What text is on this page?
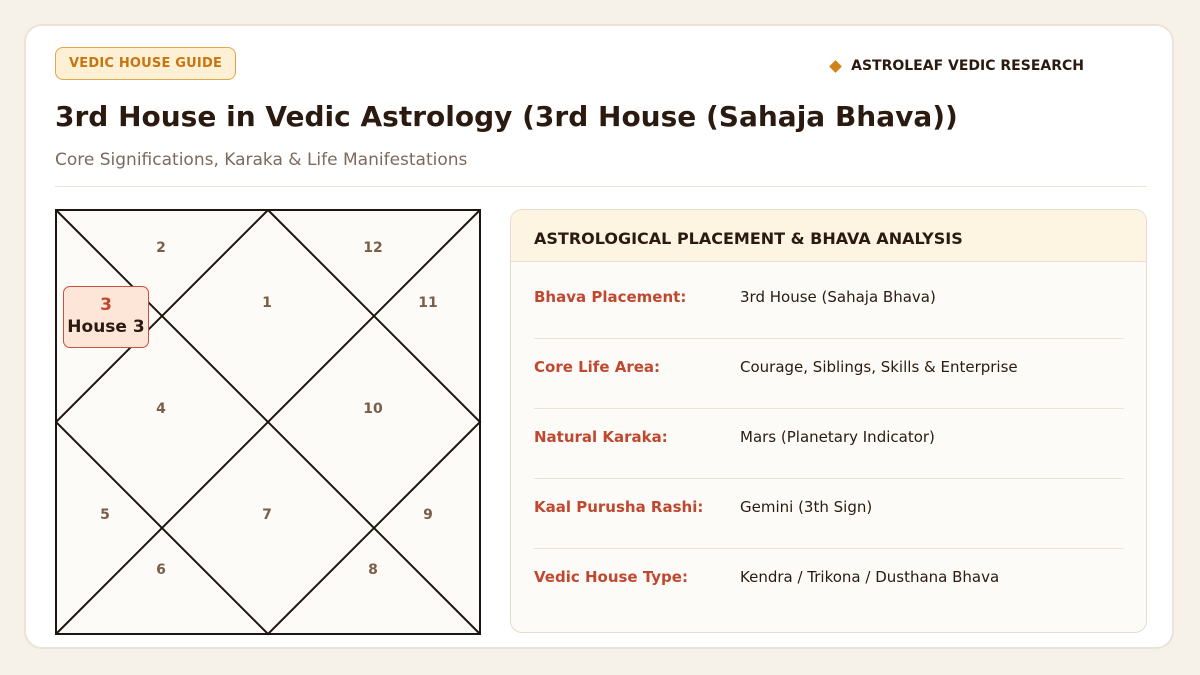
VEDIC HOUSE GUIDE	ASTROLEAF VEDIC RESEARCH
3rd House in Vedic Astrology (3rd House (Sahaja Bhava))
Core Significations, Karaka & Life Manifestations
2	12
1	11
4	10
5	7	9
6	8
3
House 3
ASTROLOGICAL PLACEMENT & BHAVA ANALYSIS
Bhava Placement:	3rd House (Sahaja Bhava)
Core Life Area:	Courage, Siblings, Skills & Enterprise
Natural Karaka:	Mars (Planetary Indicator)
Kaal Purusha Rashi: Gemini (3th Sign)
Vedic House Type:	Kendra / Trikona / Dusthana Bhava
